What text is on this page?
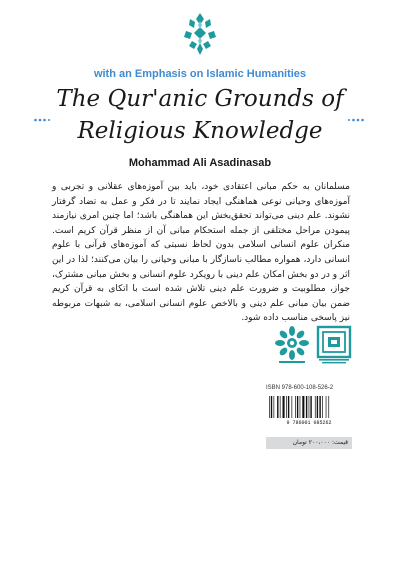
with an Emphasis on Islamic Humanities
The Qur'anic Grounds of
Religious Knowledge
Mohammad Ali Asadinasab
مسلمانان به حکم مبانی اعتقادی خود، باید بین آموزه‌های عقلانی و تجربی و آموزه‌های وحیانی نوعی هماهنگی ایجاد نمایند تا در فکر و عمل به تضاد گرفتار نشوند. علم دینی می‌تواند تحقق‌بخش این هماهنگی باشد؛ اما چنین امری نیازمند پیمودن مراحل مختلفی از جمله استحکام مبانی آن از منظر قرآن کریم است. منکران علوم انسانی اسلامی بدون لحاظ نسبتی که آموزه‌های قرآنی با علوم انسانی دارد، همواره مطالب ناسازگار با مبانی وحیانی را بیان می‌کنند؛ لذا در این اثر و در دو بخش امکان علم دینی با رویکرد علوم انسانی و بخش مبانی مشترک، جواز، مطلوبیت و ضرورت علم دینی تلاش شده است با اتکای به قرآن کریم ضمن بیان مبانی علم دینی و بالاخص علوم انسانی اسلامی، به شبهات مربوطه نیز پاسخی مناسب داده شود.
ISBN 978-600-108-526-2
9 786001 085262
قیمت: ۲۰۰،۰۰۰ تومان
